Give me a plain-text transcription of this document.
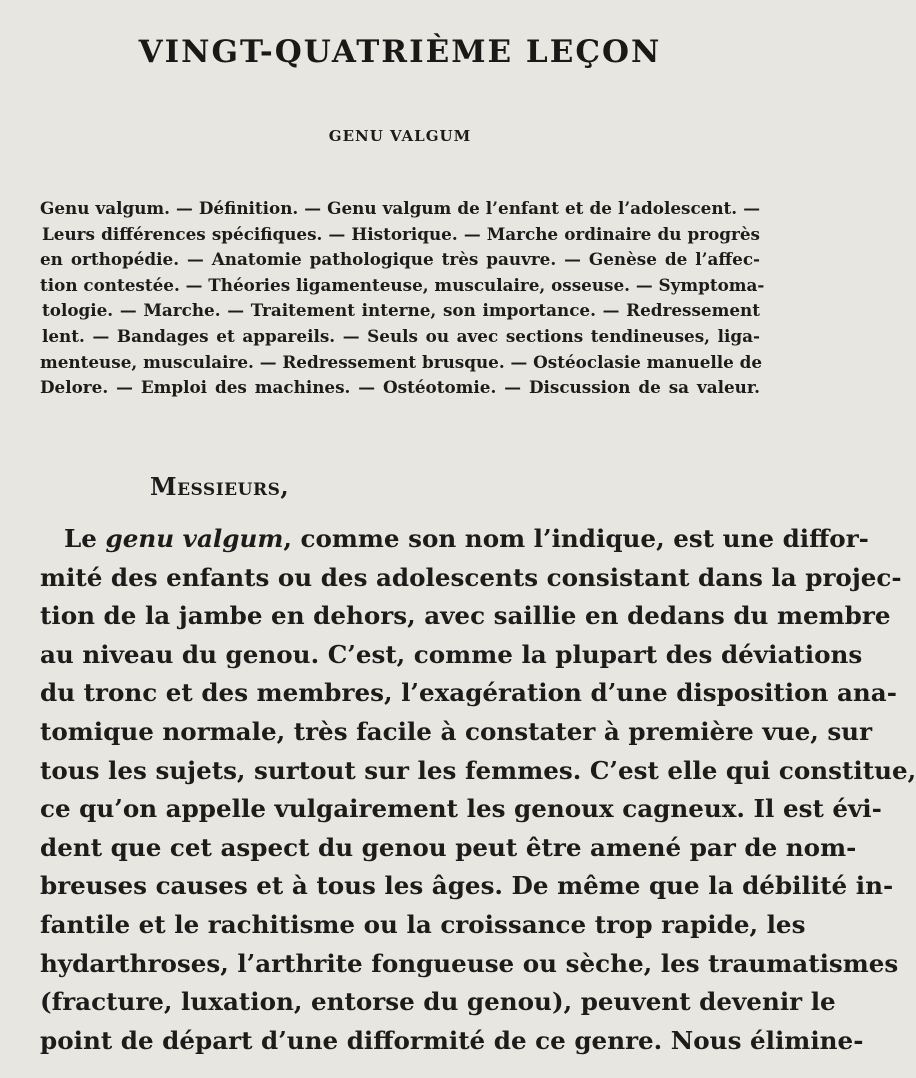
VINGT-QUATRIÈME LEÇON
GENU VALGUM
Genu valgum. — Définition. — Genu valgum de l’enfant et de l’adolescent. —
Leurs différences spécifiques. — Historique. — Marche ordinaire du progrès
en orthopédie. — Anatomie pathologique très pauvre. — Genèse de l’affec-
tion contestée. — Théories ligamenteuse, musculaire, osseuse. — Symptoma-
tologie. — Marche. — Traitement interne, son importance. — Redressement
lent. — Bandages et appareils. — Seuls ou avec sections tendineuses, liga-
menteuse, musculaire. — Redressement brusque. — Ostéoclasie manuelle de
Delore. — Emploi des machines. — Ostéotomie. — Discussion de sa valeur.
Messieurs,
Le genu valgum, comme son nom l’indique, est une diffor-
mité des enfants ou des adolescents consistant dans la projec-
tion de la jambe en dehors, avec saillie en dedans du membre
au niveau du genou. C’est, comme la plupart des déviations
du tronc et des membres, l’exagération d’une disposition ana-
tomique normale, très facile à constater à première vue, sur
tous les sujets, surtout sur les femmes. C’est elle qui constitue,
ce qu’on appelle vulgairement les genoux cagneux. Il est évi-
dent que cet aspect du genou peut être amené par de nom-
breuses causes et à tous les âges. De même que la débilité in-
fantile et le rachitisme ou la croissance trop rapide, les
hydarthroses, l’arthrite fongueuse ou sèche, les traumatismes
(fracture, luxation, entorse du genou), peuvent devenir le
point de départ d’une difformité de ce genre. Nous élimine-
